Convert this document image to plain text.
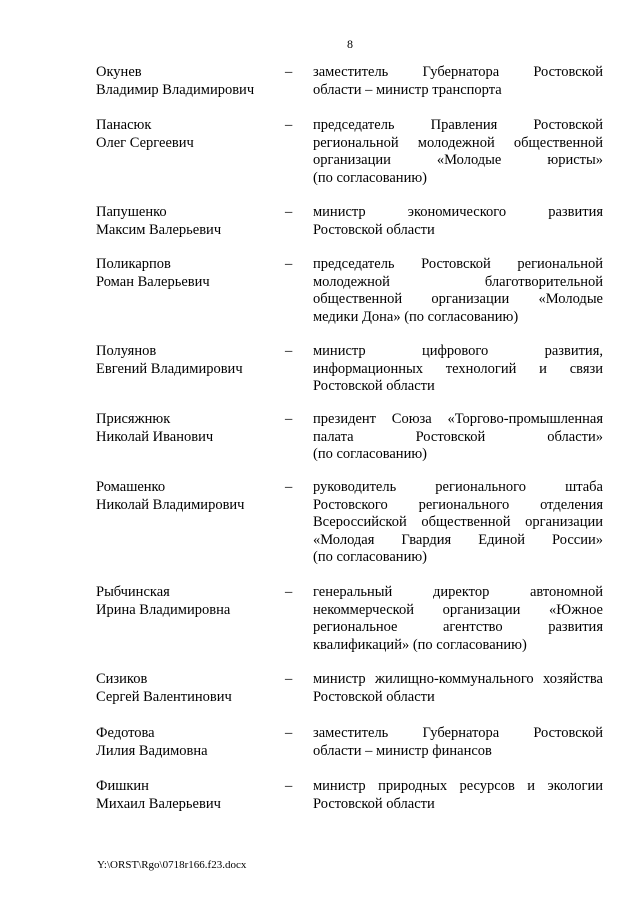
8
Окунев
Владимир Владимирович
– заместитель Губернатора Ростовской
области – министр транспорта
Панасюк
Олег Сергеевич
– председатель Правления Ростовской
региональной молодежной общественной
организации «Молодые юристы»
(по согласованию)
Папушенко
Максим Валерьевич
– министр экономического развития
Ростовской области
Поликарпов
Роман Валерьевич
– председатель Ростовской региональной
молодежной благотворительной
общественной организации «Молодые
медики Дона» (по согласованию)
Полуянов
Евгений Владимирович
– министр цифрового развития,
информационных технологий и связи
Ростовской области
Присяжнюк
Николай Иванович
– президент Союза «Торгово-промышленная
палата Ростовской области»
(по согласованию)
Ромашенко
Николай Владимирович
– руководитель регионального штаба
Ростовского регионального отделения
Всероссийской общественной организации
«Молодая Гвардия Единой России»
(по согласованию)
Рыбчинская
Ирина Владимировна
– генеральный директор автономной
некоммерческой организации «Южное
региональное агентство развития
квалификаций» (по согласованию)
Сизиков
Сергей Валентинович
– министр жилищно-коммунального хозяйства
Ростовской области
Федотова
Лилия Вадимовна
– заместитель Губернатора Ростовской
области – министр финансов
Фишкин
Михаил Валерьевич
– министр природных ресурсов и экологии
Ростовской области
Y:\ORST\Rgo\0718r166.f23.docx
